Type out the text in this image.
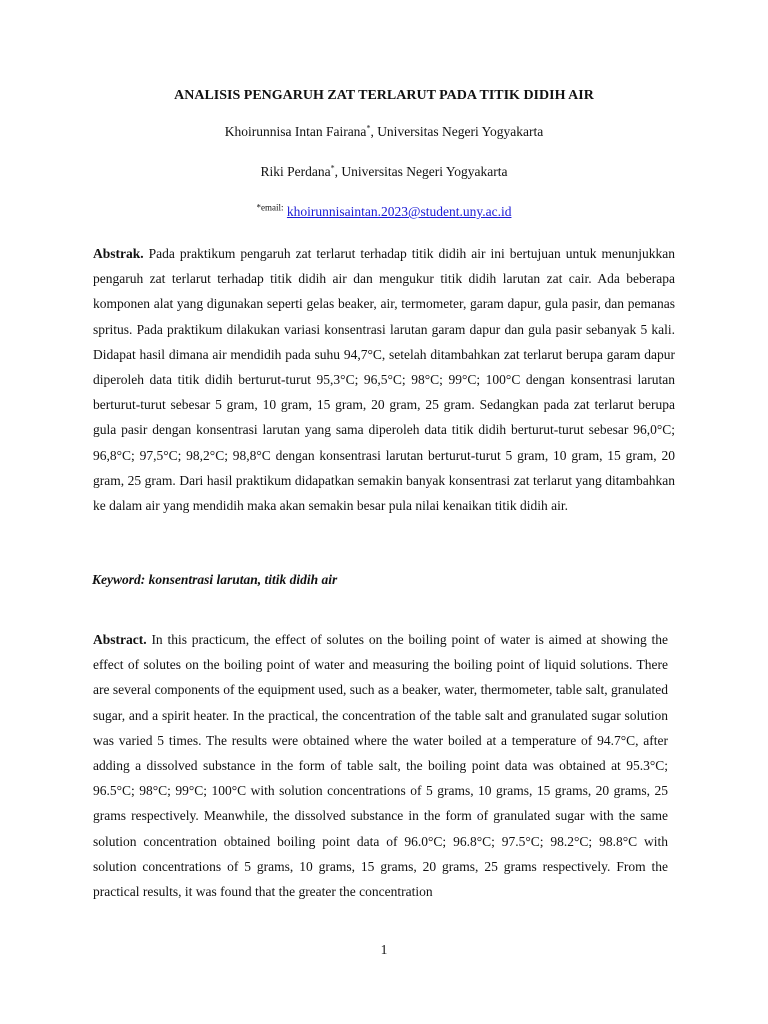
ANALISIS PENGARUH ZAT TERLARUT PADA TITIK DIDIH AIR
Khoirunnisa Intan Fairana*, Universitas Negeri Yogyakarta
Riki Perdana*, Universitas Negeri Yogyakarta
$^{*email:}$ khoirunnisaintan.2023@student.uny.ac.id
Abstrak. Pada praktikum pengaruh zat terlarut terhadap titik didih air ini bertujuan untuk menunjukkan pengaruh zat terlarut terhadap titik didih air dan mengukur titik didih larutan zat cair. Ada beberapa komponen alat yang digunakan seperti gelas beaker, air, termometer, garam dapur, gula pasir, dan pemanas spritus. Pada praktikum dilakukan variasi konsentrasi larutan garam dapur dan gula pasir sebanyak 5 kali. Didapat hasil dimana air mendidih pada suhu 94,7°C, setelah ditambahkan zat terlarut berupa garam dapur diperoleh data titik didih berturut-turut 95,3°C; 96,5°C; 98°C; 99°C; 100°C dengan konsentrasi larutan berturut-turut sebesar 5 gram, 10 gram, 15 gram, 20 gram, 25 gram. Sedangkan pada zat terlarut berupa gula pasir dengan konsentrasi larutan yang sama diperoleh data titik didih berturut-turut sebesar 96,0°C; 96,8°C; 97,5°C; 98,2°C; 98,8°C dengan konsentrasi larutan berturut-turut 5 gram, 10 gram, 15 gram, 20 gram, 25 gram. Dari hasil praktikum didapatkan semakin banyak konsentrasi zat terlarut yang ditambahkan ke dalam air yang mendidih maka akan semakin besar pula nilai kenaikan titik didih air.
Keyword: konsentrasi larutan, titik didih air
Abstract. In this practicum, the effect of solutes on the boiling point of water is aimed at showing the effect of solutes on the boiling point of water and measuring the boiling point of liquid solutions. There are several components of the equipment used, such as a beaker, water, thermometer, table salt, granulated sugar, and a spirit heater. In the practical, the concentration of the table salt and granulated sugar solution was varied 5 times. The results were obtained where the water boiled at a temperature of 94.7°C, after adding a dissolved substance in the form of table salt, the boiling point data was obtained at 95.3°C; 96.5°C; 98°C; 99°C; 100°C with solution concentrations of 5 grams, 10 grams, 15 grams, 20 grams, 25 grams respectively. Meanwhile, the dissolved substance in the form of granulated sugar with the same solution concentration obtained boiling point data of 96.0°C; 96.8°C; 97.5°C; 98.2°C; 98.8°C with solution concentrations of 5 grams, 10 grams, 15 grams, 20 grams, 25 grams respectively. From the practical results, it was found that the greater the concentration
1
